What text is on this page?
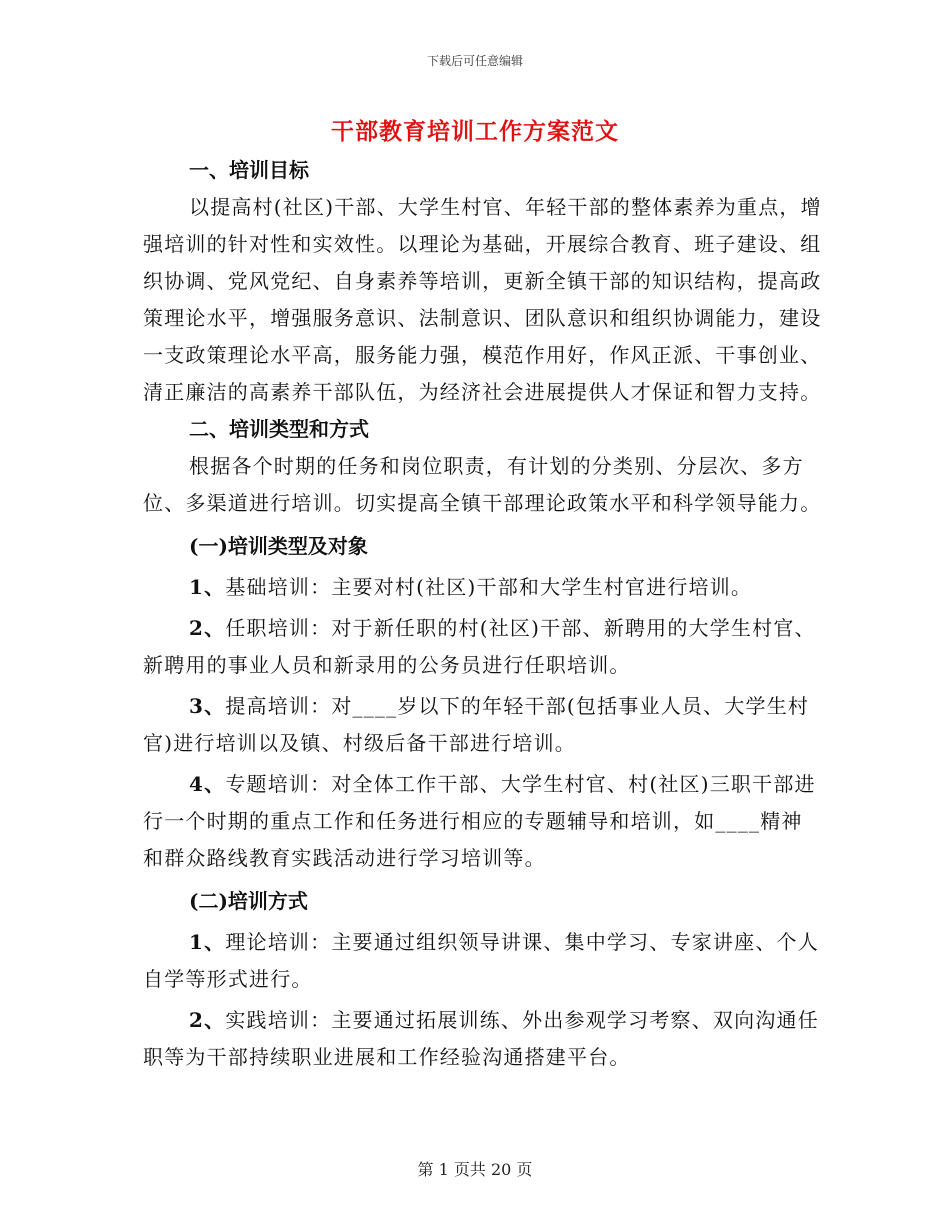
下载后可任意编辑
干部教育培训工作方案范文
一、培训目标

以提高村(社区)干部、大学生村官、年轻干部的整体素养为重点，增强培训的针对性和实效性。以理论为基础，开展综合教育、班子建设、组织协调、党风党纪、自身素养等培训，更新全镇干部的知识结构，提高政策理论水平，增强服务意识、法制意识、团队意识和组织协调能力，建设一支政策理论水平高，服务能力强，模范作用好，作风正派、干事创业、清正廉洁的高素养干部队伍，为经济社会进展提供人才保证和智力支持。

二、培训类型和方式

根据各个时期的任务和岗位职责，有计划的分类别、分层次、多方位、多渠道进行培训。切实提高全镇干部理论政策水平和科学领导能力。

(一)培训类型及对象

1、基础培训：主要对村(社区)干部和大学生村官进行培训。

2、任职培训：对于新任职的村(社区)干部、新聘用的大学生村官、新聘用的事业人员和新录用的公务员进行任职培训。

3、提高培训：对____岁以下的年轻干部(包括事业人员、大学生村官)进行培训以及镇、村级后备干部进行培训。

4、专题培训：对全体工作干部、大学生村官、村(社区)三职干部进行一个时期的重点工作和任务进行相应的专题辅导和培训，如____精神和群众路线教育实践活动进行学习培训等。

(二)培训方式

1、理论培训：主要通过组织领导讲课、集中学习、专家讲座、个人自学等形式进行。

2、实践培训：主要通过拓展训练、外出参观学习考察、双向沟通任职等为干部持续职业进展和工作经验沟通搭建平台。

第 1 页共 20 页
